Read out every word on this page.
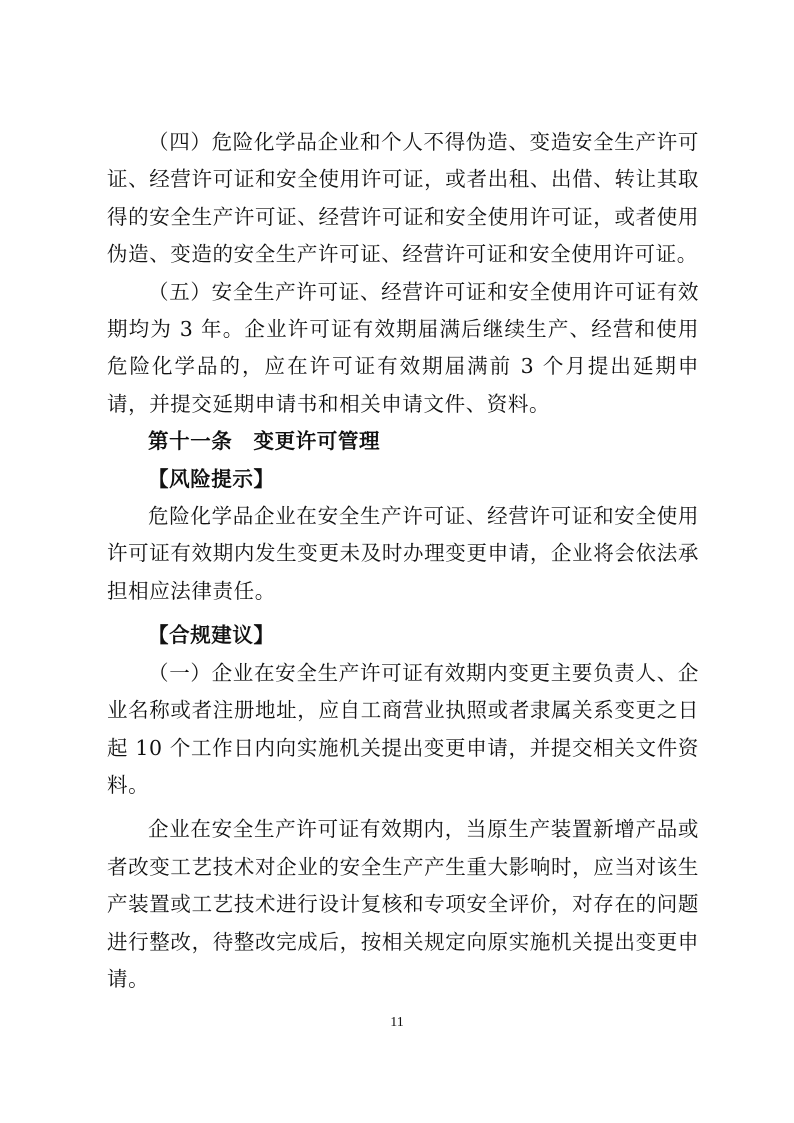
（四）危险化学品企业和个人不得伪造、变造安全生产许可证、经营许可证和安全使用许可证，或者出租、出借、转让其取得的安全生产许可证、经营许可证和安全使用许可证，或者使用伪造、变造的安全生产许可证、经营许可证和安全使用许可证。

（五）安全生产许可证、经营许可证和安全使用许可证有效期均为 3 年。企业许可证有效期届满后继续生产、经营和使用危险化学品的，应在许可证有效期届满前 3 个月提出延期申请，并提交延期申请书和相关申请文件、资料。

第十一条　变更许可管理
【风险提示】

危险化学品企业在安全生产许可证、经营许可证和安全使用许可证有效期内发生变更未及时办理变更申请，企业将会依法承担相应法律责任。

【合规建议】

（一）企业在安全生产许可证有效期内变更主要负责人、企业名称或者注册地址，应自工商营业执照或者隶属关系变更之日起 10 个工作日内向实施机关提出变更申请，并提交相关文件资料。

企业在安全生产许可证有效期内，当原生产装置新增产品或者改变工艺技术对企业的安全生产产生重大影响时，应当对该生产装置或工艺技术进行设计复核和专项安全评价，对存在的问题进行整改，待整改完成后，按相关规定向原实施机关提出变更申请。

11
